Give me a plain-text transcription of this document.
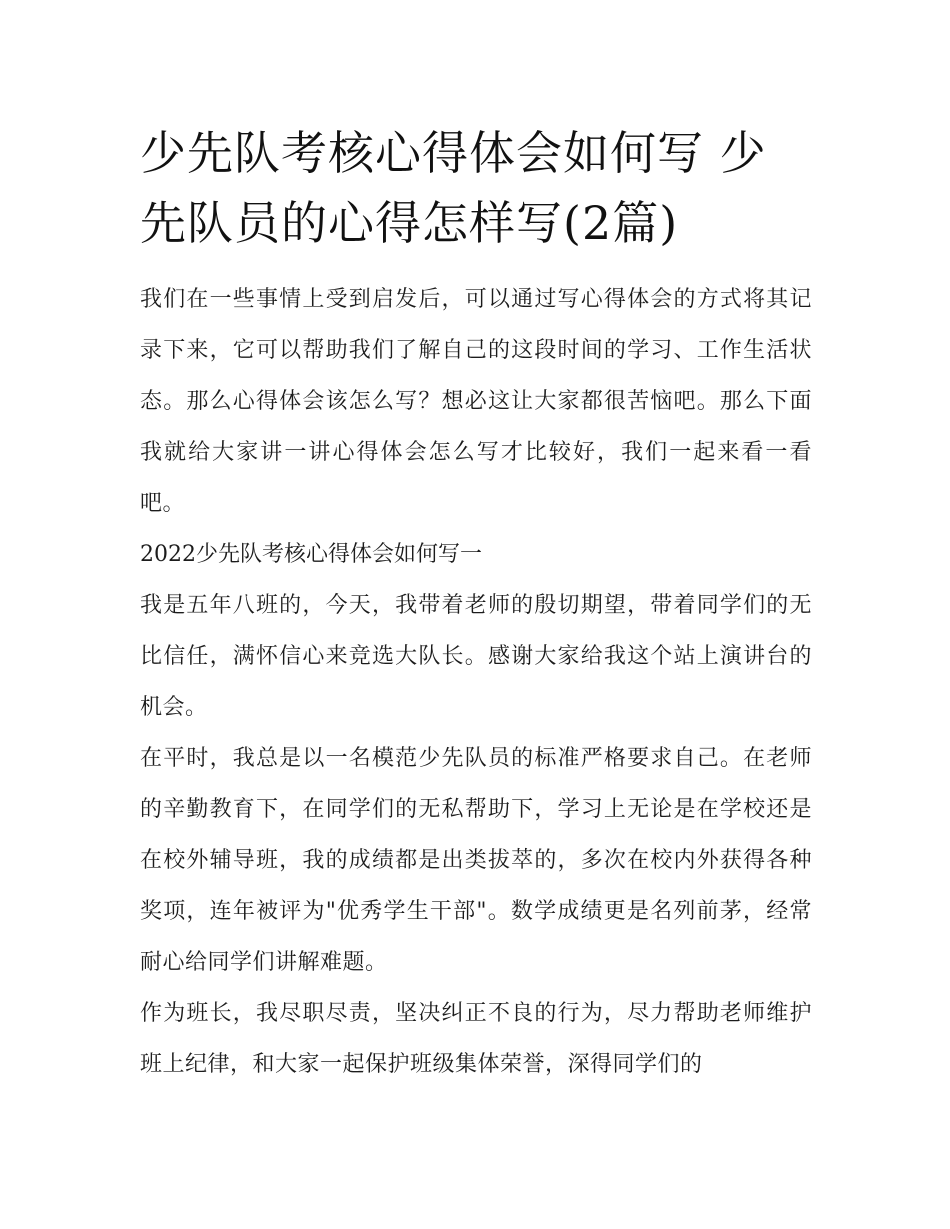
少先队考核心得体会如何写 少先队员的心得怎样写(2篇)

我们在一些事情上受到启发后，可以通过写心得体会的方式将其记录下来，它可以帮助我们了解自己的这段时间的学习、工作生活状态。那么心得体会该怎么写？想必这让大家都很苦恼吧。那么下面我就给大家讲一讲心得体会怎么写才比较好，我们一起来看一看吧。

2022少先队考核心得体会如何写一

我是五年八班的，今天，我带着老师的殷切期望，带着同学们的无比信任，满怀信心来竞选大队长。感谢大家给我这个站上演讲台的机会。

在平时，我总是以一名模范少先队员的标准严格要求自己。在老师的辛勤教育下，在同学们的无私帮助下，学习上无论是在学校还是在校外辅导班，我的成绩都是出类拔萃的，多次在校内外获得各种奖项，连年被评为"优秀学生干部"。数学成绩更是名列前茅，经常耐心给同学们讲解难题。

作为班长，我尽职尽责，坚决纠正不良的行为，尽力帮助老师维护班上纪律，和大家一起保护班级集体荣誉，深得同学们的
